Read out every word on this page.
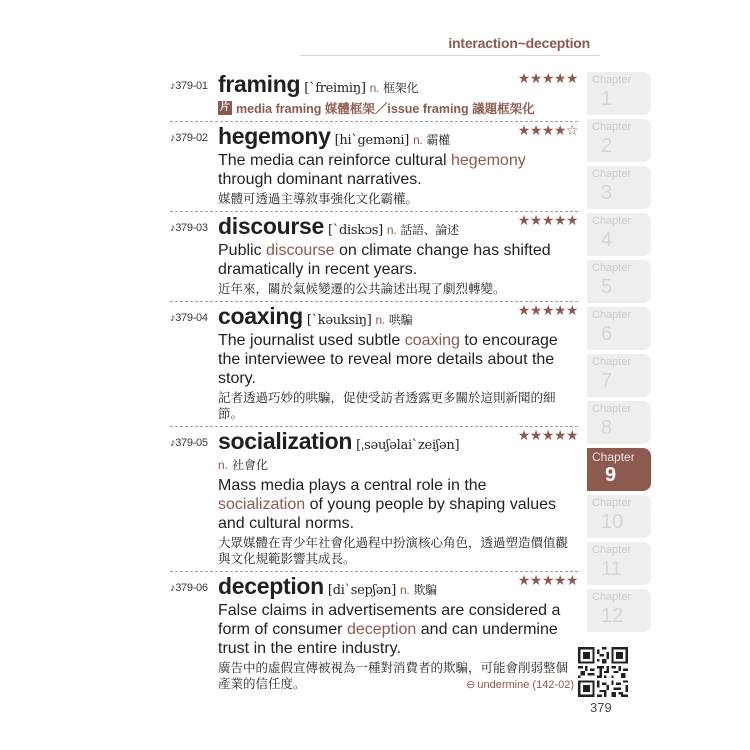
interaction~deception
♪379-01 framing [ˋfreimiŋ] n. 框架化
★★★★★
片 media framing 媒體框架／issue framing 議題框架化
♪379-02 hegemony [hiˋgeməni] n. 霸權
★★★★☆

The media can reinforce cultural hegemony through dominant narratives.

媒體可透過主導敘事強化文化霸權。

♪379-03 discourse [ˋdiskɔs] n. 話語、論述
★★★★★

Public discourse on climate change has shifted dramatically in recent years.

近年來，關於氣候變遷的公共論述出現了劇烈轉變。

♪379-04 coaxing [ˋkəuksiŋ] n. 哄騙
★★★★★

The journalist used subtle coaxing to encourage the interviewee to reveal more details about the story.

記者透過巧妙的哄騙，促使受訪者透露更多關於這則新聞的細節。

♪379-05 socialization [ˌsəuʃəlaiˋzeiʃən]
★★★★★

n. 社會化

Mass media plays a central role in the socialization of young people by shaping values and cultural norms.

大眾媒體在青少年社會化過程中扮演核心角色，透過塑造價值觀與文化規範影響其成長。

♪379-06 deception [diˋsepʃən] n. 欺騙
★★★★★

False claims in advertisements are considered a form of consumer deception and can undermine trust in the entire industry.

廣告中的虛假宣傳被視為一種對消費者的欺騙，可能會削弱整個產業的信任度。	⊖ undermine (142-02)
Chapter
1
Chapter
2
Chapter
3
Chapter
4
Chapter
5
Chapter
6
Chapter
7
Chapter
8
Chapter
9
Chapter
10
Chapter
11
Chapter
12
379
